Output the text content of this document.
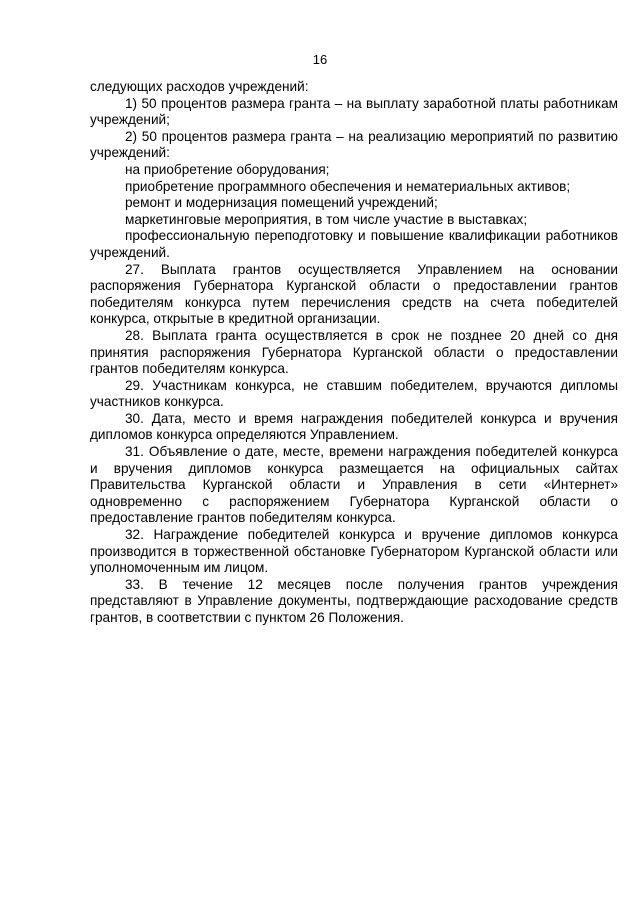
16

следующих расходов учреждений:

1) 50 процентов размера гранта – на выплату заработной платы работникам учреждений;

2) 50 процентов размера гранта – на реализацию мероприятий по развитию учреждений:

на приобретение оборудования;

приобретение программного обеспечения и нематериальных активов;

ремонт и модернизация помещений учреждений;

маркетинговые мероприятия, в том числе участие в выставках;

профессиональную переподготовку и повышение квалификации работников учреждений.

27. Выплата грантов осуществляется Управлением на основании распоряжения Губернатора Курганской области о предоставлении грантов победителям конкурса путем перечисления средств на счета победителей конкурса, открытые в кредитной организации.

28. Выплата гранта осуществляется в срок не позднее 20 дней со дня принятия распоряжения Губернатора Курганской области о предоставлении грантов победителям конкурса.

29. Участникам конкурса, не ставшим победителем, вручаются дипломы участников конкурса.

30. Дата, место и время награждения победителей конкурса и вручения дипломов конкурса определяются Управлением.

31. Объявление о дате, месте, времени награждения победителей конкурса и вручения дипломов конкурса размещается на официальных сайтах Правительства Курганской области и Управления в сети «Интернет» одновременно с распоряжением Губернатора Курганской области о предоставление грантов победителям конкурса.

32. Награждение победителей конкурса и вручение дипломов конкурса производится в торжественной обстановке Губернатором Курганской области или уполномоченным им лицом.

33. В течение 12 месяцев после получения грантов учреждения представляют в Управление документы, подтверждающие расходование средств грантов, в соответствии с пунктом 26 Положения.
